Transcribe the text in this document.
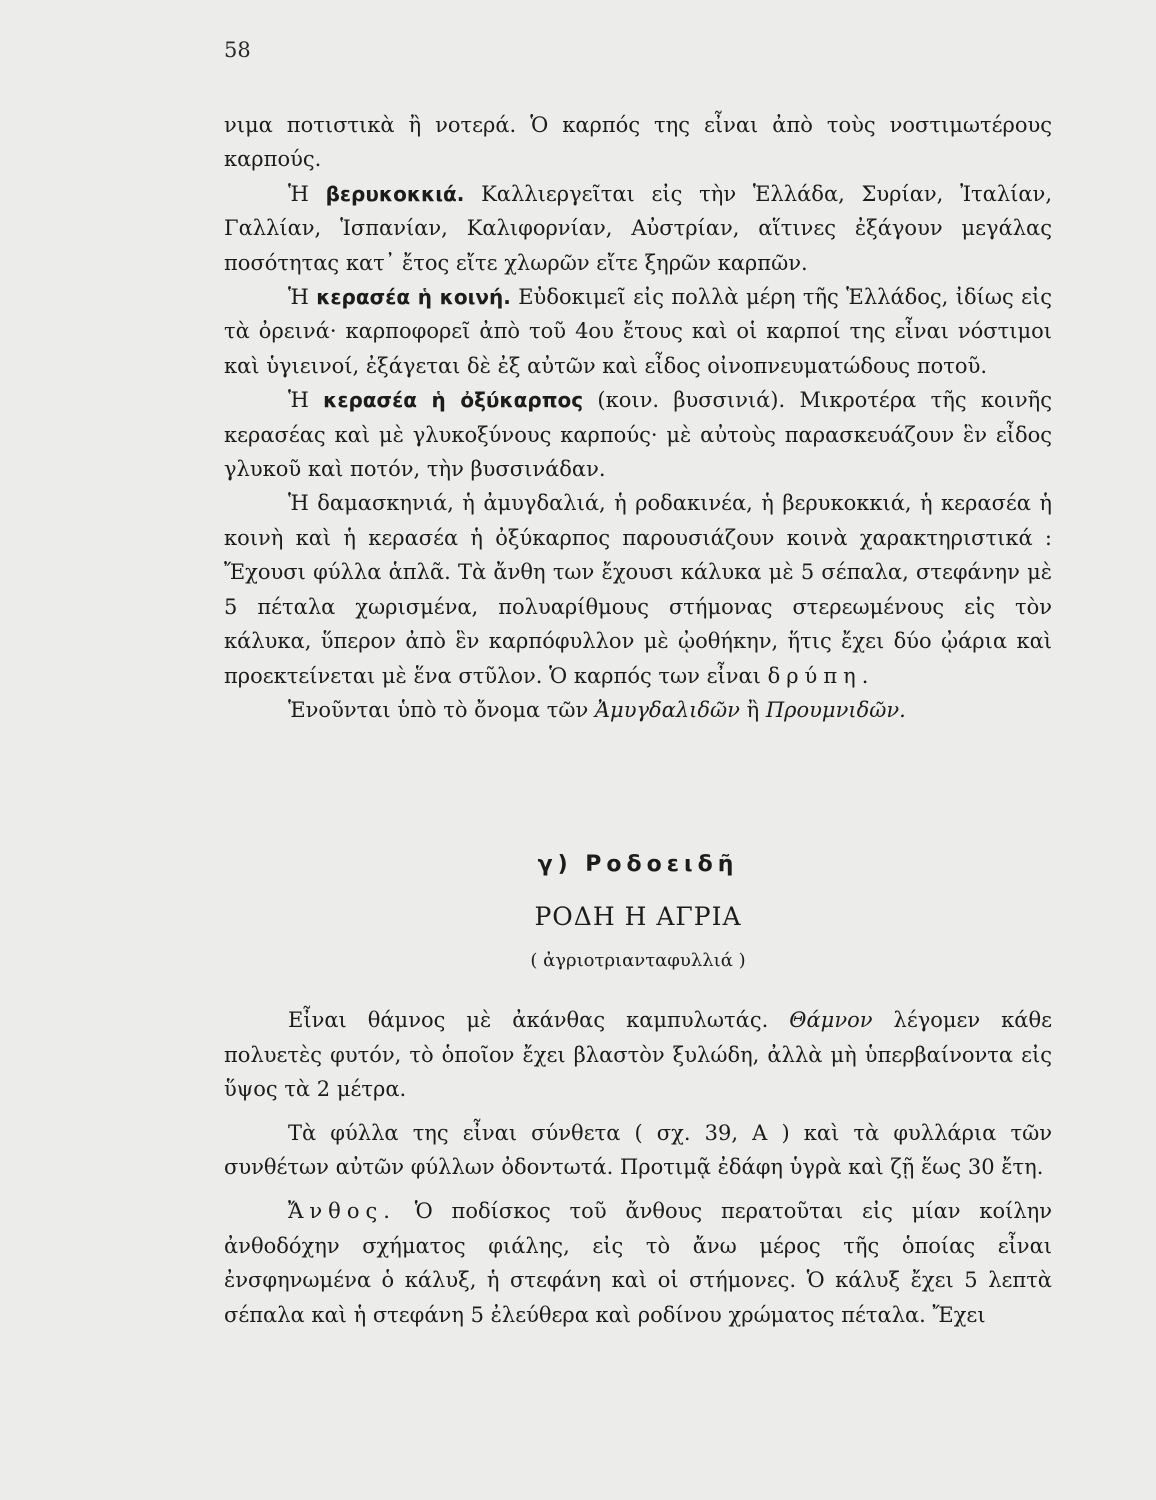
58

νιμα ποτιστικὰ ἢ νοτερά. Ὁ καρπός της εἶναι ἀπὸ τοὺς νοστιμωτέρους καρπούς.

Ἡ βερυκοκκιά. Καλλιεργεῖται εἰς τὴν Ἑλλάδα, Συρίαν, Ἰταλίαν, Γαλλίαν, Ἱσπανίαν, Καλιφορνίαν, Αὐστρίαν, αἵτινες ἐξάγουν μεγάλας ποσότητας κατ᾿ ἔτος εἴτε χλωρῶν εἴτε ξηρῶν καρπῶν.

Ἡ κερασέα ἡ κοινή. Εὐδοκιμεῖ εἰς πολλὰ μέρη τῆς Ἑλλάδος, ἰδίως εἰς τὰ ὀρεινά· καρποφορεῖ ἀπὸ τοῦ 4ου ἔτους καὶ οἱ καρποί της εἶναι νόστιμοι καὶ ὑγιεινοί, ἐξάγεται δὲ ἐξ αὐτῶν καὶ εἶδος οἰνοπνευματώδους ποτοῦ.

Ἡ κερασέα ἡ ὀξύκαρπος (κοιν. βυσσινιά). Μικροτέρα τῆς κοινῆς κερασέας καὶ μὲ γλυκοξύνους καρπούς· μὲ αὐτοὺς παρασκευάζουν ἓν εἶδος γλυκοῦ καὶ ποτόν, τὴν βυσσινάδαν.

Ἡ δαμασκηνιά, ἡ ἀμυγδαλιά, ἡ ροδακινέα, ἡ βερυκοκκιά, ἡ κερασέα ἡ κοινὴ καὶ ἡ κερασέα ἡ ὀξύκαρπος παρουσιάζουν κοινὰ χαρακτηριστικά : Ἔχουσι φύλλα ἁπλᾶ. Τὰ ἄνθη των ἔχουσι κάλυκα μὲ 5 σέπαλα, στεφάνην μὲ 5 πέταλα χωρισμένα, πολυαρίθμους στήμονας στερεωμένους εἰς τὸν κάλυκα, ὕπερον ἀπὸ ἓν καρπόφυλλον μὲ ᾠοθήκην, ἥτις ἔχει δύο ᾠάρια καὶ προεκτείνεται μὲ ἕνα στῦλον. Ὁ καρπός των εἶναι δρύπη.

Ἑνοῦνται ὑπὸ τὸ ὄνομα τῶν Ἀμυγδαλιδῶν ἢ Προυμνιδῶν.

γ) Ροδοειδῆ
ΡΟΔΗ Η ΑΓΡΙΑ
( ἀγριοτριανταφυλλιά )

Εἶναι θάμνος μὲ ἀκάνθας καμπυλωτάς. Θάμνον λέγομεν κάθε πολυετὲς φυτόν, τὸ ὁποῖον ἔχει βλαστὸν ξυλώδη, ἀλλὰ μὴ ὑπερβαίνοντα εἰς ὕψος τὰ 2 μέτρα.

Τὰ φύλλα της εἶναι σύνθετα ( σχ. 39, Α ) καὶ τὰ φυλλάρια τῶν συνθέτων αὐτῶν φύλλων ὀδοντωτά. Προτιμᾷ ἐδάφη ὑγρὰ καὶ ζῇ ἕως 30 ἔτη.

Ἄνθος. Ὁ ποδίσκος τοῦ ἄνθους περατοῦται εἰς μίαν κοίλην ἀνθοδόχην σχήματος φιάλης, εἰς τὸ ἄνω μέρος τῆς ὁποίας εἶναι ἐνσφηνωμένα ὁ κάλυξ, ἡ στεφάνη καὶ οἱ στήμονες. Ὁ κάλυξ ἔχει 5 λεπτὰ σέπαλα καὶ ἡ στεφάνη 5 ἐλεύθερα καὶ ροδίνου χρώματος πέταλα. Ἔχει
